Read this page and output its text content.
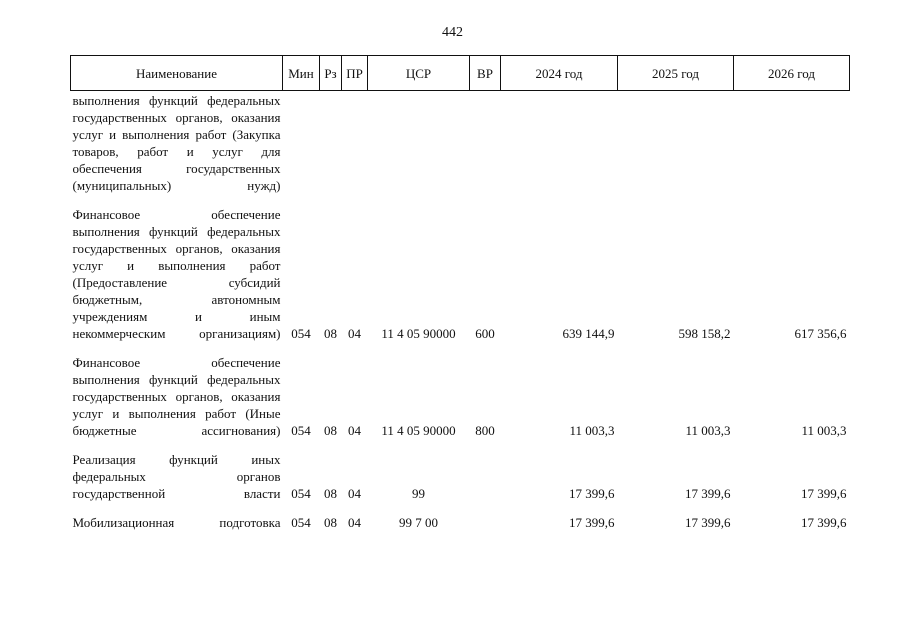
442
Наименование	Мин	Рз	ПР	ЦСР	ВР	2024 год	2025 год	2026 год
выполнения функций федеральных государственных органов, оказания услуг и выполнения работ (Закупка товаров, работ и услуг для обеспечения государственных (муниципальных) нужд)								

Финансовое обеспечение выполнения функций федеральных государственных органов, оказания услуг и выполнения работ (Предоставление субсидий бюджетным, автономным учреждениям и иным некоммерческим организациям)	054	08	04	11 4 05 90000	600	639 144,9	598 158,2	617 356,6

Финансовое обеспечение выполнения функций федеральных государственных органов, оказания услуг и выполнения работ (Иные бюджетные ассигнования)	054	08	04	11 4 05 90000	800	11 003,3	11 003,3	11 003,3

Реализация функций иных федеральных органов государственной власти	054	08	04	99		17 399,6	17 399,6	17 399,6

Мобилизационная подготовка	054	08	04	99 7 00		17 399,6	17 399,6	17 399,6
